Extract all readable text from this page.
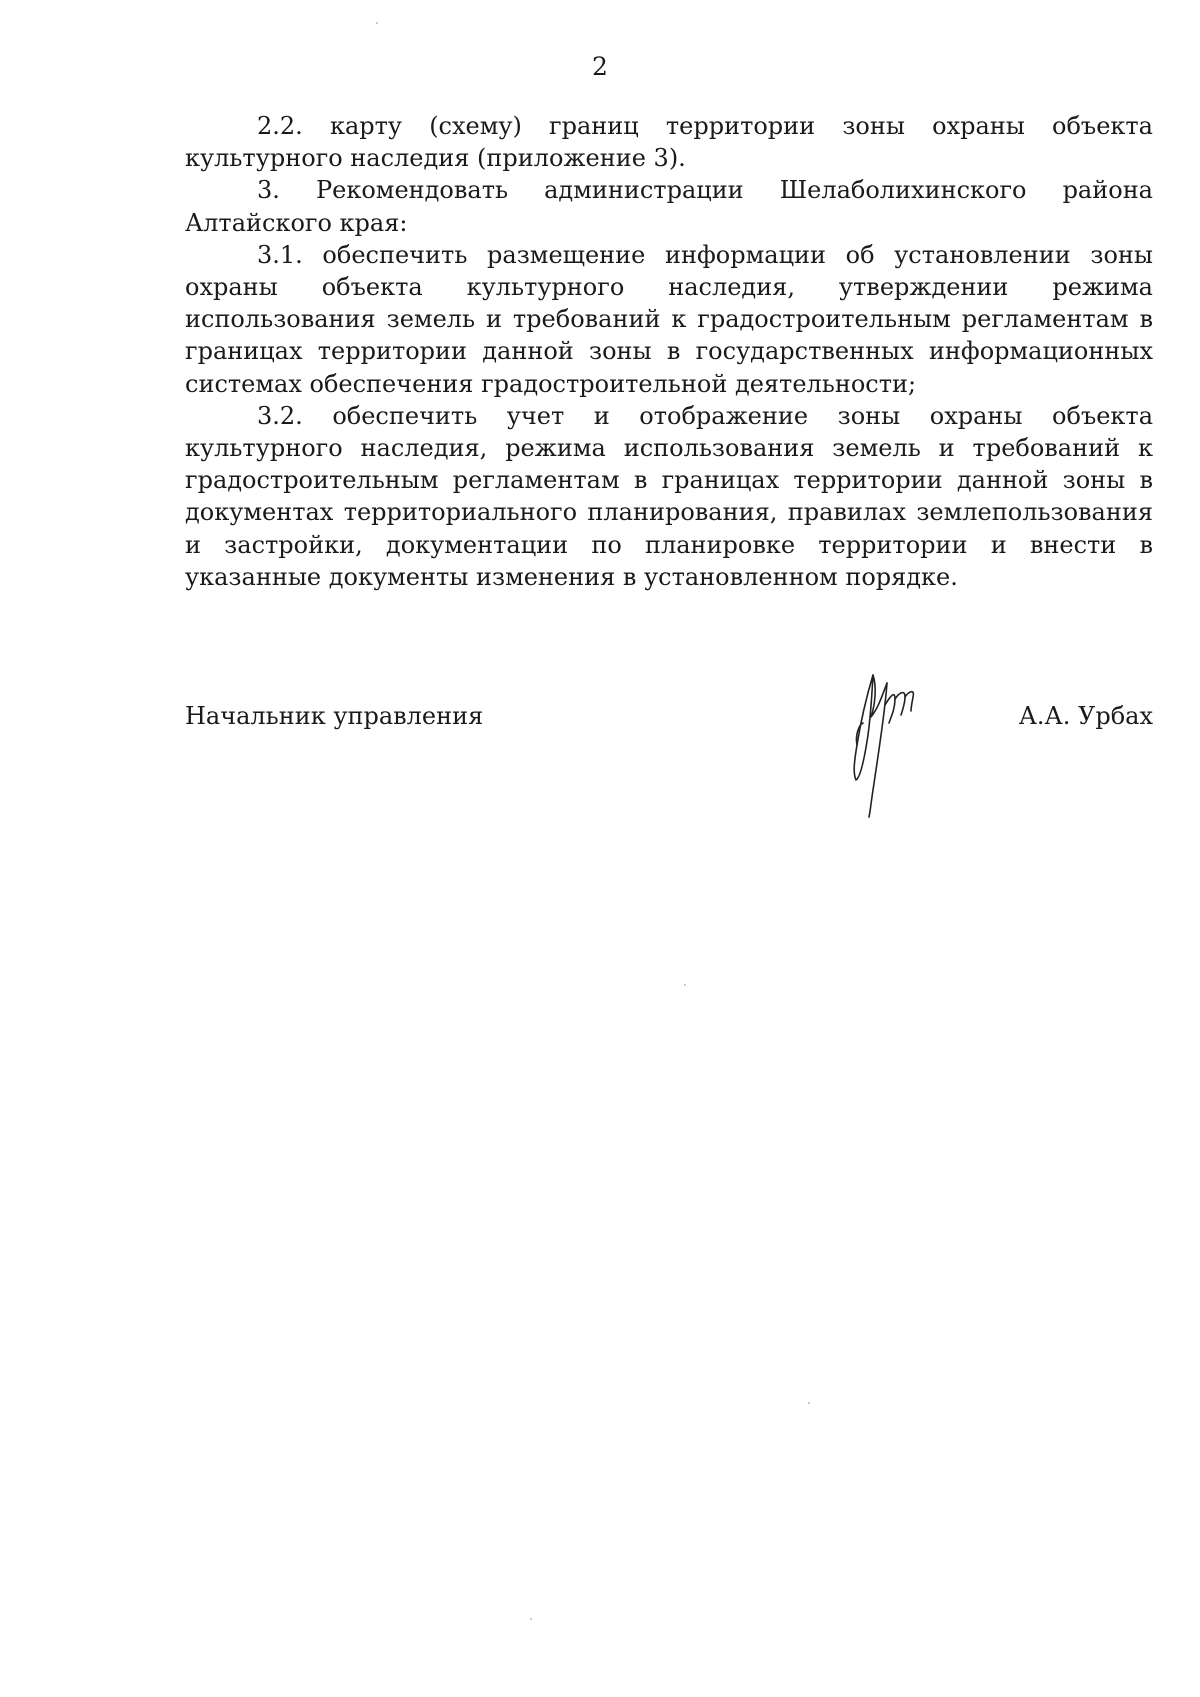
2

2.2. карту (схему) границ территории зоны охраны объекта культурного наследия (приложение 3).

3. Рекомендовать администрации Шелаболихинского района Алтайского края:

3.1. обеспечить размещение информации об установлении зоны охраны объекта культурного наследия, утверждении режима использования земель и требований к градостроительным регламентам в границах территории данной зоны в государственных информационных системах обеспечения градостроительной деятельности;

3.2. обеспечить учет и отображение зоны охраны объекта культурного наследия, режима использования земель и требований к градостроительным регламентам в границах территории данной зоны в документах территориального планирования, правилах землепользования и застройки, документации по планировке территории и внести в указанные документы изменения в установленном порядке.

Начальник управления	А.А. Урбах
